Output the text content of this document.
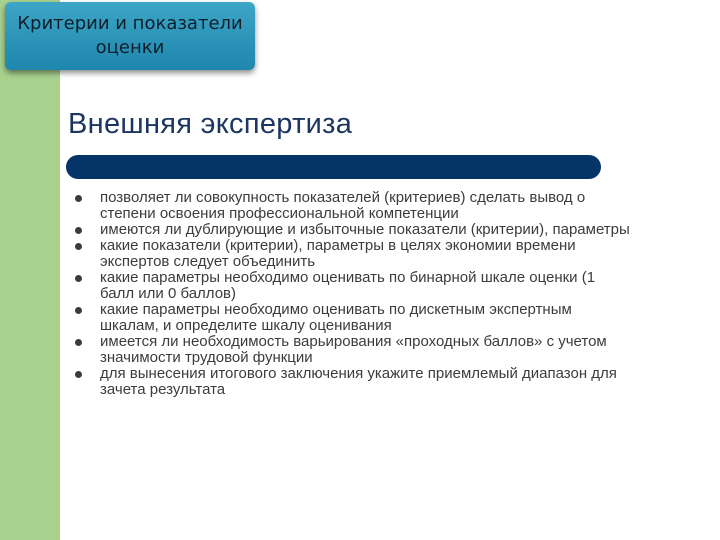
Критерии и показатели
оценки
Внешняя экспертиза
позволяет ли совокупность показателей (критериев) сделать вывод о степени освоения профессиональной компетенции
имеются ли дублирующие и избыточные показатели (критерии), параметры
какие показатели (критерии), параметры в целях экономии времени экспертов следует объединить
какие параметры необходимо оценивать по бинарной шкале оценки (1 балл или 0 баллов)
какие параметры необходимо оценивать по дискетным экспертным шкалам, и определите шкалу оценивания
имеется ли необходимость варьирования «проходных баллов» с учетом значимости трудовой функции
для вынесения итогового заключения укажите приемлемый диапазон для зачета результата
